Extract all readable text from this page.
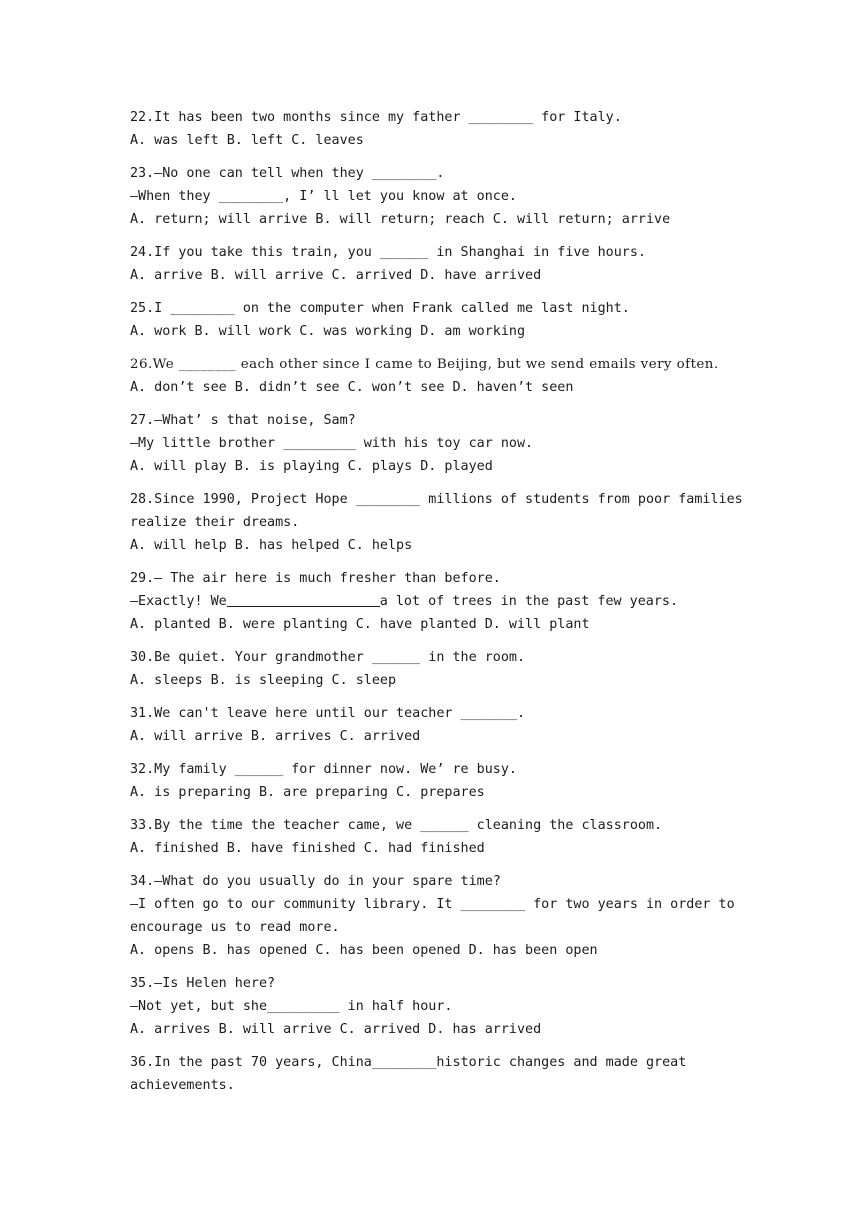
22.It has been two months since my father ________ for Italy.
A. was left B. left C. leaves
23.—No one can tell when they ________.
—When they ________, I’ ll let you know at once.
A. return; will arrive B. will return; reach C. will return; arrive
24.If you take this train, you ______ in Shanghai in five hours.
A. arrive B. will arrive C. arrived D. have arrived
25.I ________ on the computer when Frank called me last night.
A. work B. will work C. was working D. am working
26.We ________ each other since I came to Beijing, but we send emails very often.
A. don’t see B. didn’t see C. won’t see D. haven’t seen
27.—What’ s that noise, Sam?
—My little brother _________ with his toy car now.
A. will play B. is playing C. plays D. played
28.Since 1990, Project Hope ________ millions of students from poor families
realize their dreams.
A. will help B. has helped C. helps
29.— The air here is much fresher than before.
—Exactly! We	a lot of trees in the past few years.
A. planted B. were planting C. have planted D. will plant
30.Be quiet. Your grandmother ______ in the room.
A. sleeps B. is sleeping C. sleep
31.We can't leave here until our teacher _______.
A. will arrive B. arrives C. arrived
32.My family ______ for dinner now. We’ re busy.
A. is preparing B. are preparing C. prepares
33.By the time the teacher came, we ______ cleaning the classroom.
A. finished B. have finished C. had finished
34.—What do you usually do in your spare time?
—I often go to our community library. It ________ for two years in order to
encourage us to read more.
A. opens B. has opened C. has been opened D. has been open
35.—Is Helen here?
—Not yet, but she_________ in half hour.
A. arrives B. will arrive C. arrived D. has arrived
36.In the past 70 years, China________historic changes and made great
achievements.
